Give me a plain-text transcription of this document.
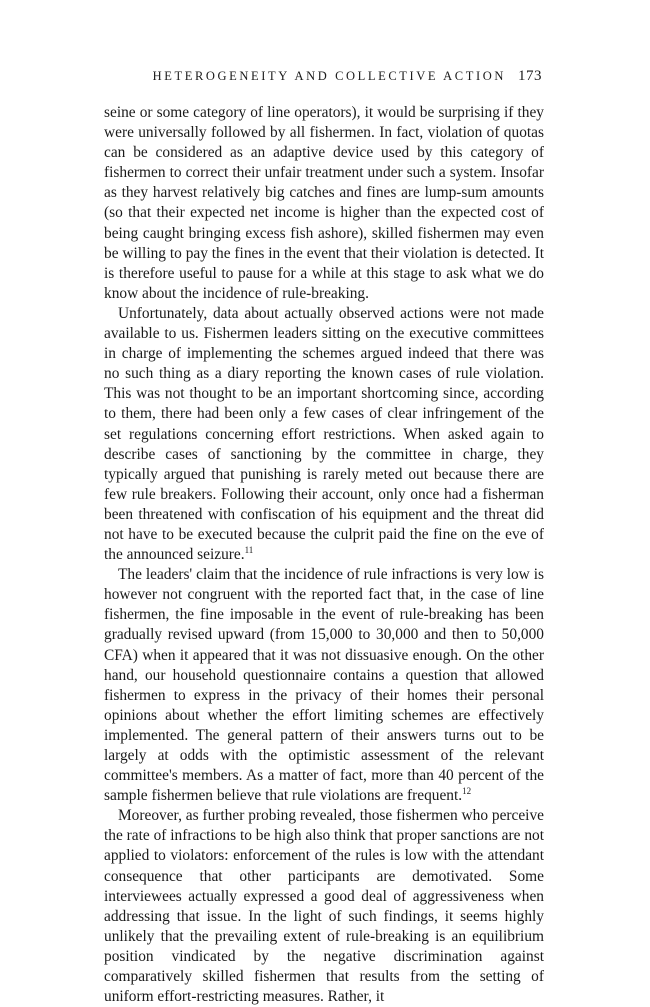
HETEROGENEITY AND COLLECTIVE ACTION 173

seine or some category of line operators), it would be surprising if they were universally followed by all fishermen. In fact, violation of quotas can be considered as an adaptive device used by this category of fishermen to correct their unfair treatment under such a system. Insofar as they harvest relatively big catches and fines are lump-sum amounts (so that their expected net income is higher than the expected cost of being caught bringing excess fish ashore), skilled fishermen may even be willing to pay the fines in the event that their violation is detected. It is therefore useful to pause for a while at this stage to ask what we do know about the incidence of rule-breaking.

Unfortunately, data about actually observed actions were not made available to us. Fishermen leaders sitting on the executive committees in charge of implementing the schemes argued indeed that there was no such thing as a diary reporting the known cases of rule violation. This was not thought to be an important shortcoming since, according to them, there had been only a few cases of clear infringement of the set regulations concerning effort restrictions. When asked again to describe cases of sanctioning by the committee in charge, they typically argued that punishing is rarely meted out because there are few rule breakers. Following their account, only once had a fisherman been threatened with confiscation of his equipment and the threat did not have to be executed because the culprit paid the fine on the eve of the announced seizure.$^{11}$

The leaders' claim that the incidence of rule infractions is very low is however not congruent with the reported fact that, in the case of line fishermen, the fine imposable in the event of rule-breaking has been gradually revised upward (from 15,000 to 30,000 and then to 50,000 CFA) when it appeared that it was not dissuasive enough. On the other hand, our household questionnaire contains a question that allowed fishermen to express in the privacy of their homes their personal opinions about whether the effort limiting schemes are effectively implemented. The general pattern of their answers turns out to be largely at odds with the optimistic assessment of the relevant committee's members. As a matter of fact, more than 40 percent of the sample fishermen believe that rule violations are frequent.$^{12}$

Moreover, as further probing revealed, those fishermen who perceive the rate of infractions to be high also think that proper sanctions are not applied to violators: enforcement of the rules is low with the attendant consequence that other participants are demotivated. Some interviewees actually expressed a good deal of aggressiveness when addressing that issue. In the light of such findings, it seems highly unlikely that the prevailing extent of rule-breaking is an equilibrium position vindicated by the negative discrimination against comparatively skilled fishermen that results from the setting of uniform effort-restricting measures. Rather, it
